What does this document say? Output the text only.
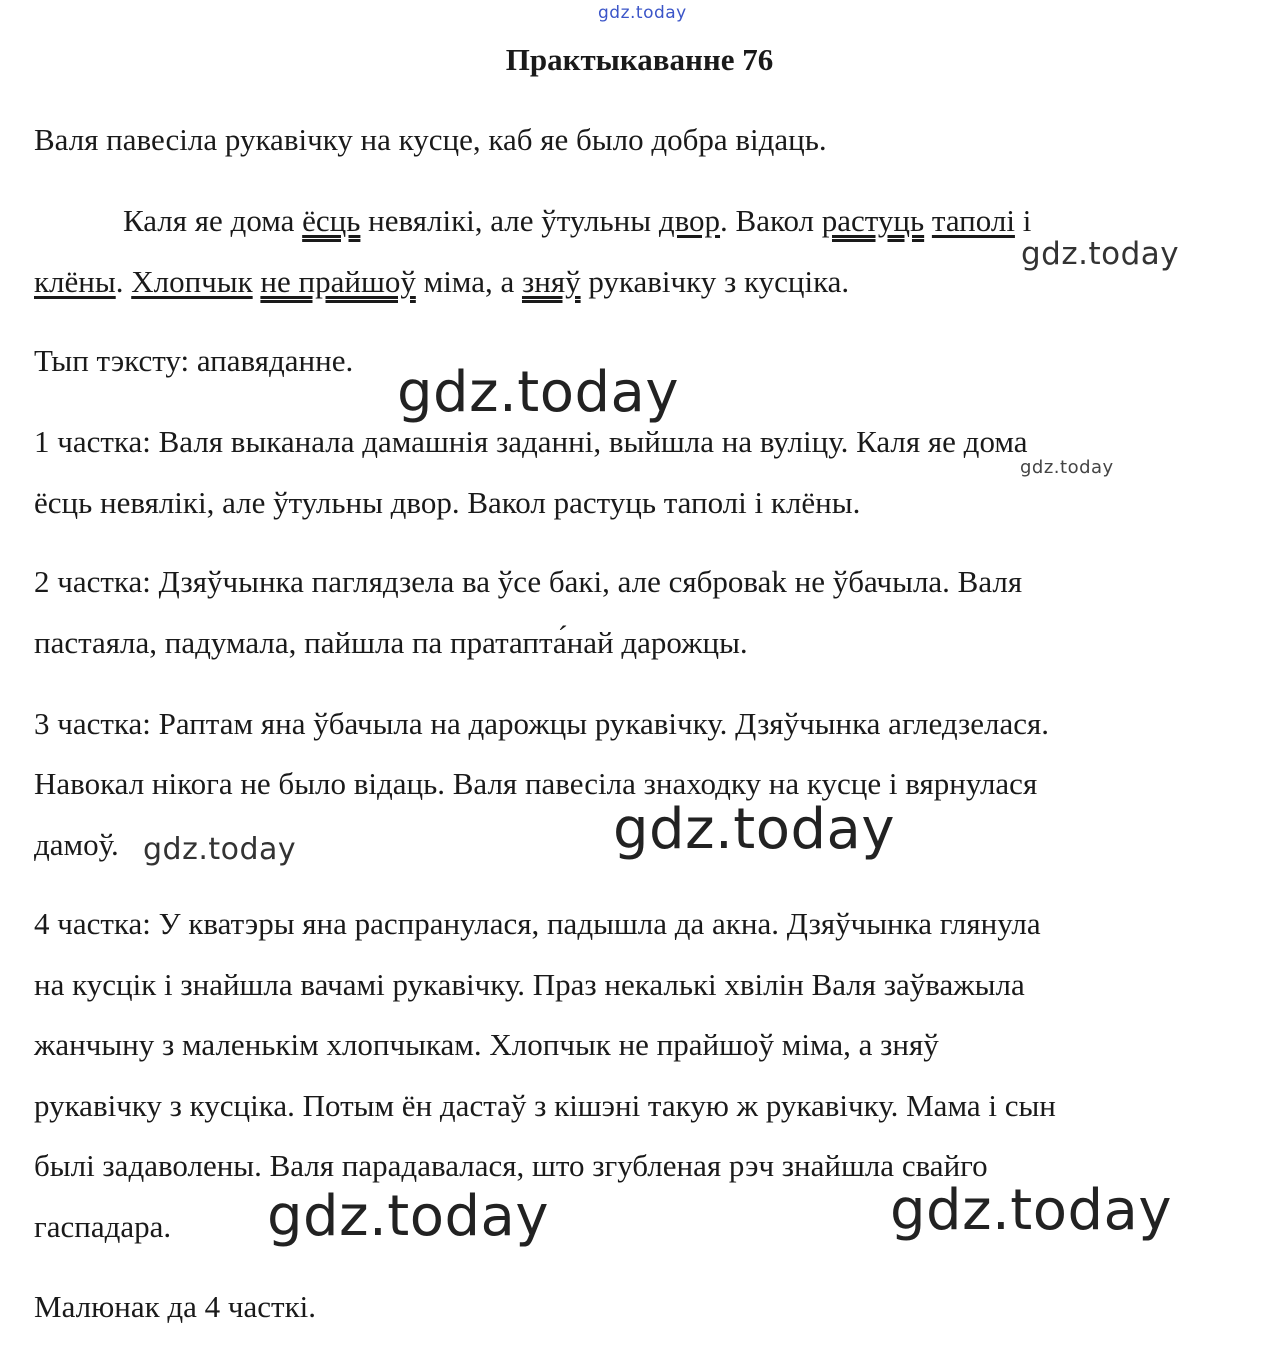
gdz.today
Практыкаванне 76
Валя павесіла рукавічку на кусце, каб яе было добра відаць.
Каля яе дома ёсць невялікі, але ўтульны двор. Вакол растуць таполі і
клёны. Хлопчык не прайшоў міма, а зняў рукавічку з кусціка.
Тып тэксту: апавяданне.
1 частка: Валя выканала дамашнія заданні, выйшла на вуліцу. Каля яе дома
ёсць невялікі, але ўтульны двор. Вакол растуць таполі і клёны.
2 частка: Дзяўчынка паглядзела ва ўсе бакі, але сяброваk не ўбачыла. Валя
пастаяла, падумала, пайшла па пратапта́най дарожцы.
3 частка: Раптам яна ўбачыла на дарожцы рукавічку. Дзяўчынка агледзелася.
Навокал нікога не было відаць. Валя павесіла знаходку на кусце і вярнулася
дамоў.
4 частка: У кватэры яна распранулася, падышла да акна. Дзяўчынка глянула
на кусцік і знайшла вачамі рукавічку. Праз некалькі хвілін Валя заўважыла
жанчыну з маленькім хлопчыкам. Хлопчык не прайшоў міма, а зняў
рукавічку з кусціка. Потым ён дастаў з кішэні такую ж рукавічку. Мама і сын
былі задаволены. Валя парадавалася, што згубленая рэч знайшла свайго
гаспадара.
Малюнак да 4 часткі.
gdz.today
gdz.today
gdz.today
gdz.today
gdz.today
gdz.today	gdz.today
